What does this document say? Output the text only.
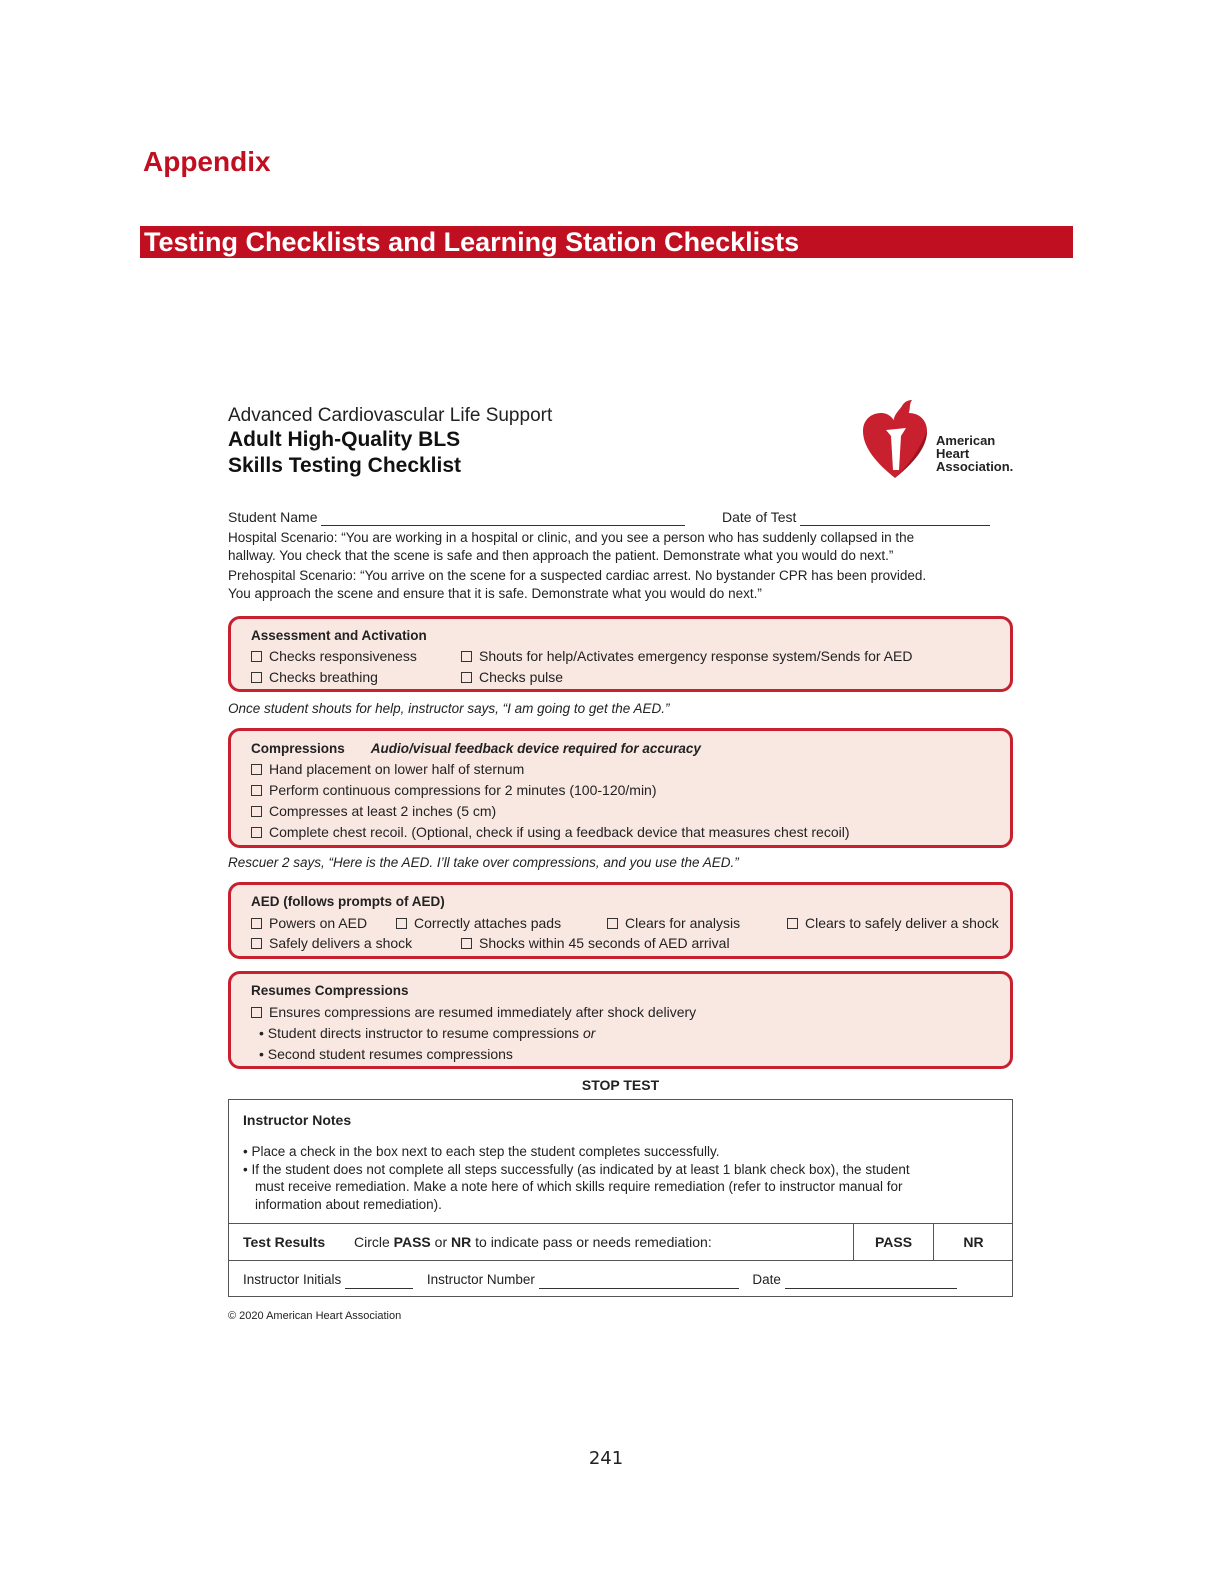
Appendix
Testing Checklists and Learning Station Checklists
Advanced Cardiovascular Life Support
Adult High-Quality BLS
Skills Testing Checklist
American
Heart
Association.
Student Name	Date of Test
Hospital Scenario: “You are working in a hospital or clinic, and you see a person who has suddenly collapsed in the
hallway. You check that the scene is safe and then approach the patient. Demonstrate what you would do next.”
Prehospital Scenario: “You arrive on the scene for a suspected cardiac arrest. No bystander CPR has been provided.
You approach the scene and ensure that it is safe. Demonstrate what you would do next.”
Assessment and Activation
Checks responsiveness	Shouts for help/Activates emergency response system/Sends for AED
Checks breathing	Checks pulse
Once student shouts for help, instructor says, “I am going to get the AED.”
Compressions Audio/visual feedback device required for accuracy
Hand placement on lower half of sternum
Perform continuous compressions for 2 minutes (100-120/min)
Compresses at least 2 inches (5 cm)
Complete chest recoil. (Optional, check if using a feedback device that measures chest recoil)
Rescuer 2 says, “Here is the AED. I’ll take over compressions, and you use the AED.”
AED (follows prompts of AED)
Powers on AED	Correctly attaches pads	Clears for analysis	Clears to safely deliver a shock
Safely delivers a shock	Shocks within 45 seconds of AED arrival
Resumes Compressions
Ensures compressions are resumed immediately after shock delivery
• Student directs instructor to resume compressions or
• Second student resumes compressions
STOP TEST
Instructor Notes
• Place a check in the box next to each step the student completes successfully.
• If the student does not complete all steps successfully (as indicated by at least 1 blank check box), the student
must receive remediation. Make a note here of which skills require remediation (refer to instructor manual for
information about remediation).
Test Results Circle PASS or NR to indicate pass or needs remediation:	PASS	NR
Instructor Initials	Instructor Number	Date
© 2020 American Heart Association
241
